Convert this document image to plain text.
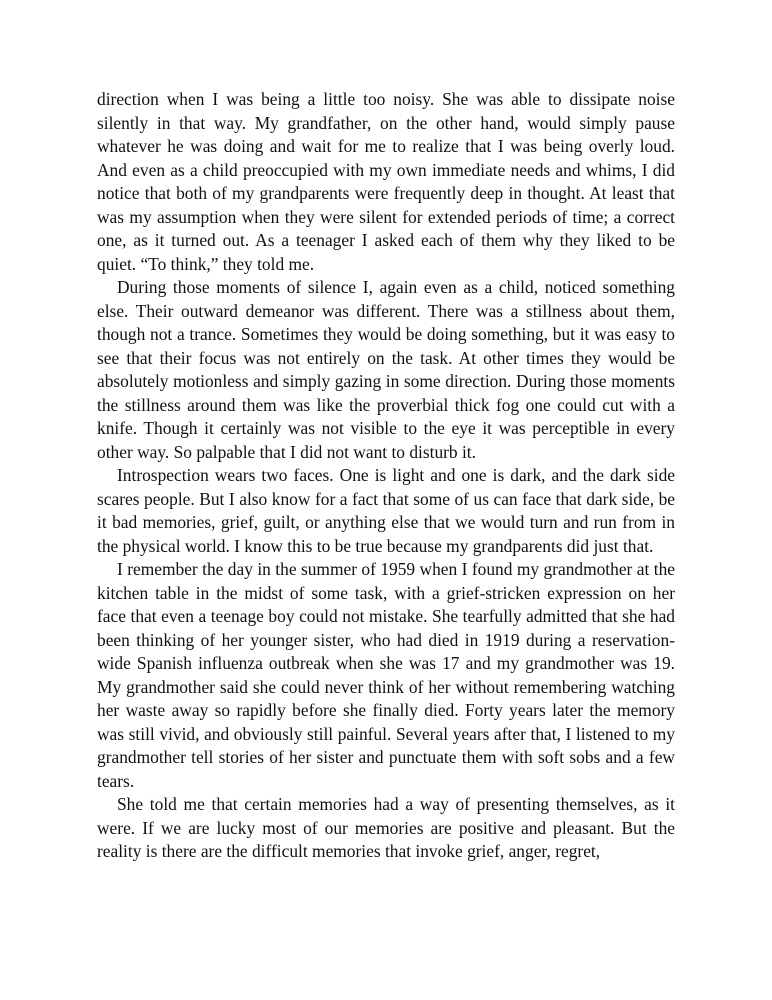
direction when I was being a little too noisy. She was able to dissipate noise silently in that way. My grandfather, on the other hand, would simply pause whatever he was doing and wait for me to realize that I was being overly loud. And even as a child preoccupied with my own immediate needs and whims, I did notice that both of my grandparents were frequently deep in thought. At least that was my assumption when they were silent for extended periods of time; a correct one, as it turned out. As a teenager I asked each of them why they liked to be quiet. “To think,” they told me.

During those moments of silence I, again even as a child, noticed something else. Their outward demeanor was different. There was a stillness about them, though not a trance. Sometimes they would be doing something, but it was easy to see that their focus was not entirely on the task. At other times they would be absolutely motionless and simply gazing in some direction. During those moments the stillness around them was like the proverbial thick fog one could cut with a knife. Though it certainly was not visible to the eye it was perceptible in every other way. So palpable that I did not want to disturb it.

Introspection wears two faces. One is light and one is dark, and the dark side scares people. But I also know for a fact that some of us can face that dark side, be it bad memories, grief, guilt, or anything else that we would turn and run from in the physical world. I know this to be true because my grandparents did just that.

I remember the day in the summer of 1959 when I found my grandmother at the kitchen table in the midst of some task, with a grief-stricken expression on her face that even a teenage boy could not mistake. She tearfully admitted that she had been thinking of her younger sister, who had died in 1919 during a reservation-wide Spanish influenza outbreak when she was 17 and my grandmother was 19. My grandmother said she could never think of her without remembering watching her waste away so rapidly before she finally died. Forty years later the memory was still vivid, and obviously still painful. Several years after that, I listened to my grandmother tell stories of her sister and punctuate them with soft sobs and a few tears.

She told me that certain memories had a way of presenting themselves, as it were. If we are lucky most of our memories are positive and pleasant. But the reality is there are the difficult memories that invoke grief, anger, regret,
